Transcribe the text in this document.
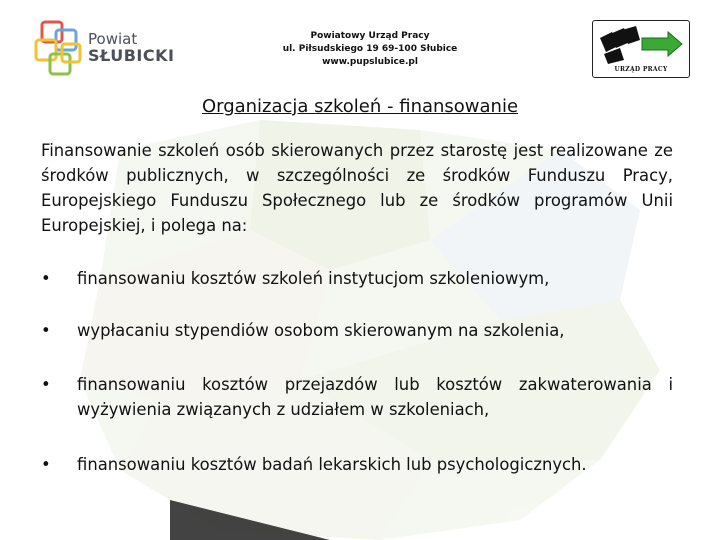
Powiat
SŁUBICKI
Powiatowy Urząd Pracy
ul. Piłsudskiego 19 69-100 Słubice
www.pupslubice.pl
URZĄD PRACY
Organizacja szkoleń - finansowanie
Finansowanie szkoleń osób skierowanych przez starostę jest realizowane ze środków publicznych, w szczególności ze środków Funduszu Pracy, Europejskiego Funduszu Społecznego lub ze środków programów Unii Europejskiej, i polega na:
•	finansowaniu kosztów szkoleń instytucjom szkoleniowym,
•	wypłacaniu stypendiów osobom skierowanym na szkolenia,
•	finansowaniu kosztów przejazdów lub kosztów zakwaterowania i wyżywienia związanych z udziałem w szkoleniach,
•	finansowaniu kosztów badań lekarskich lub psychologicznych.
